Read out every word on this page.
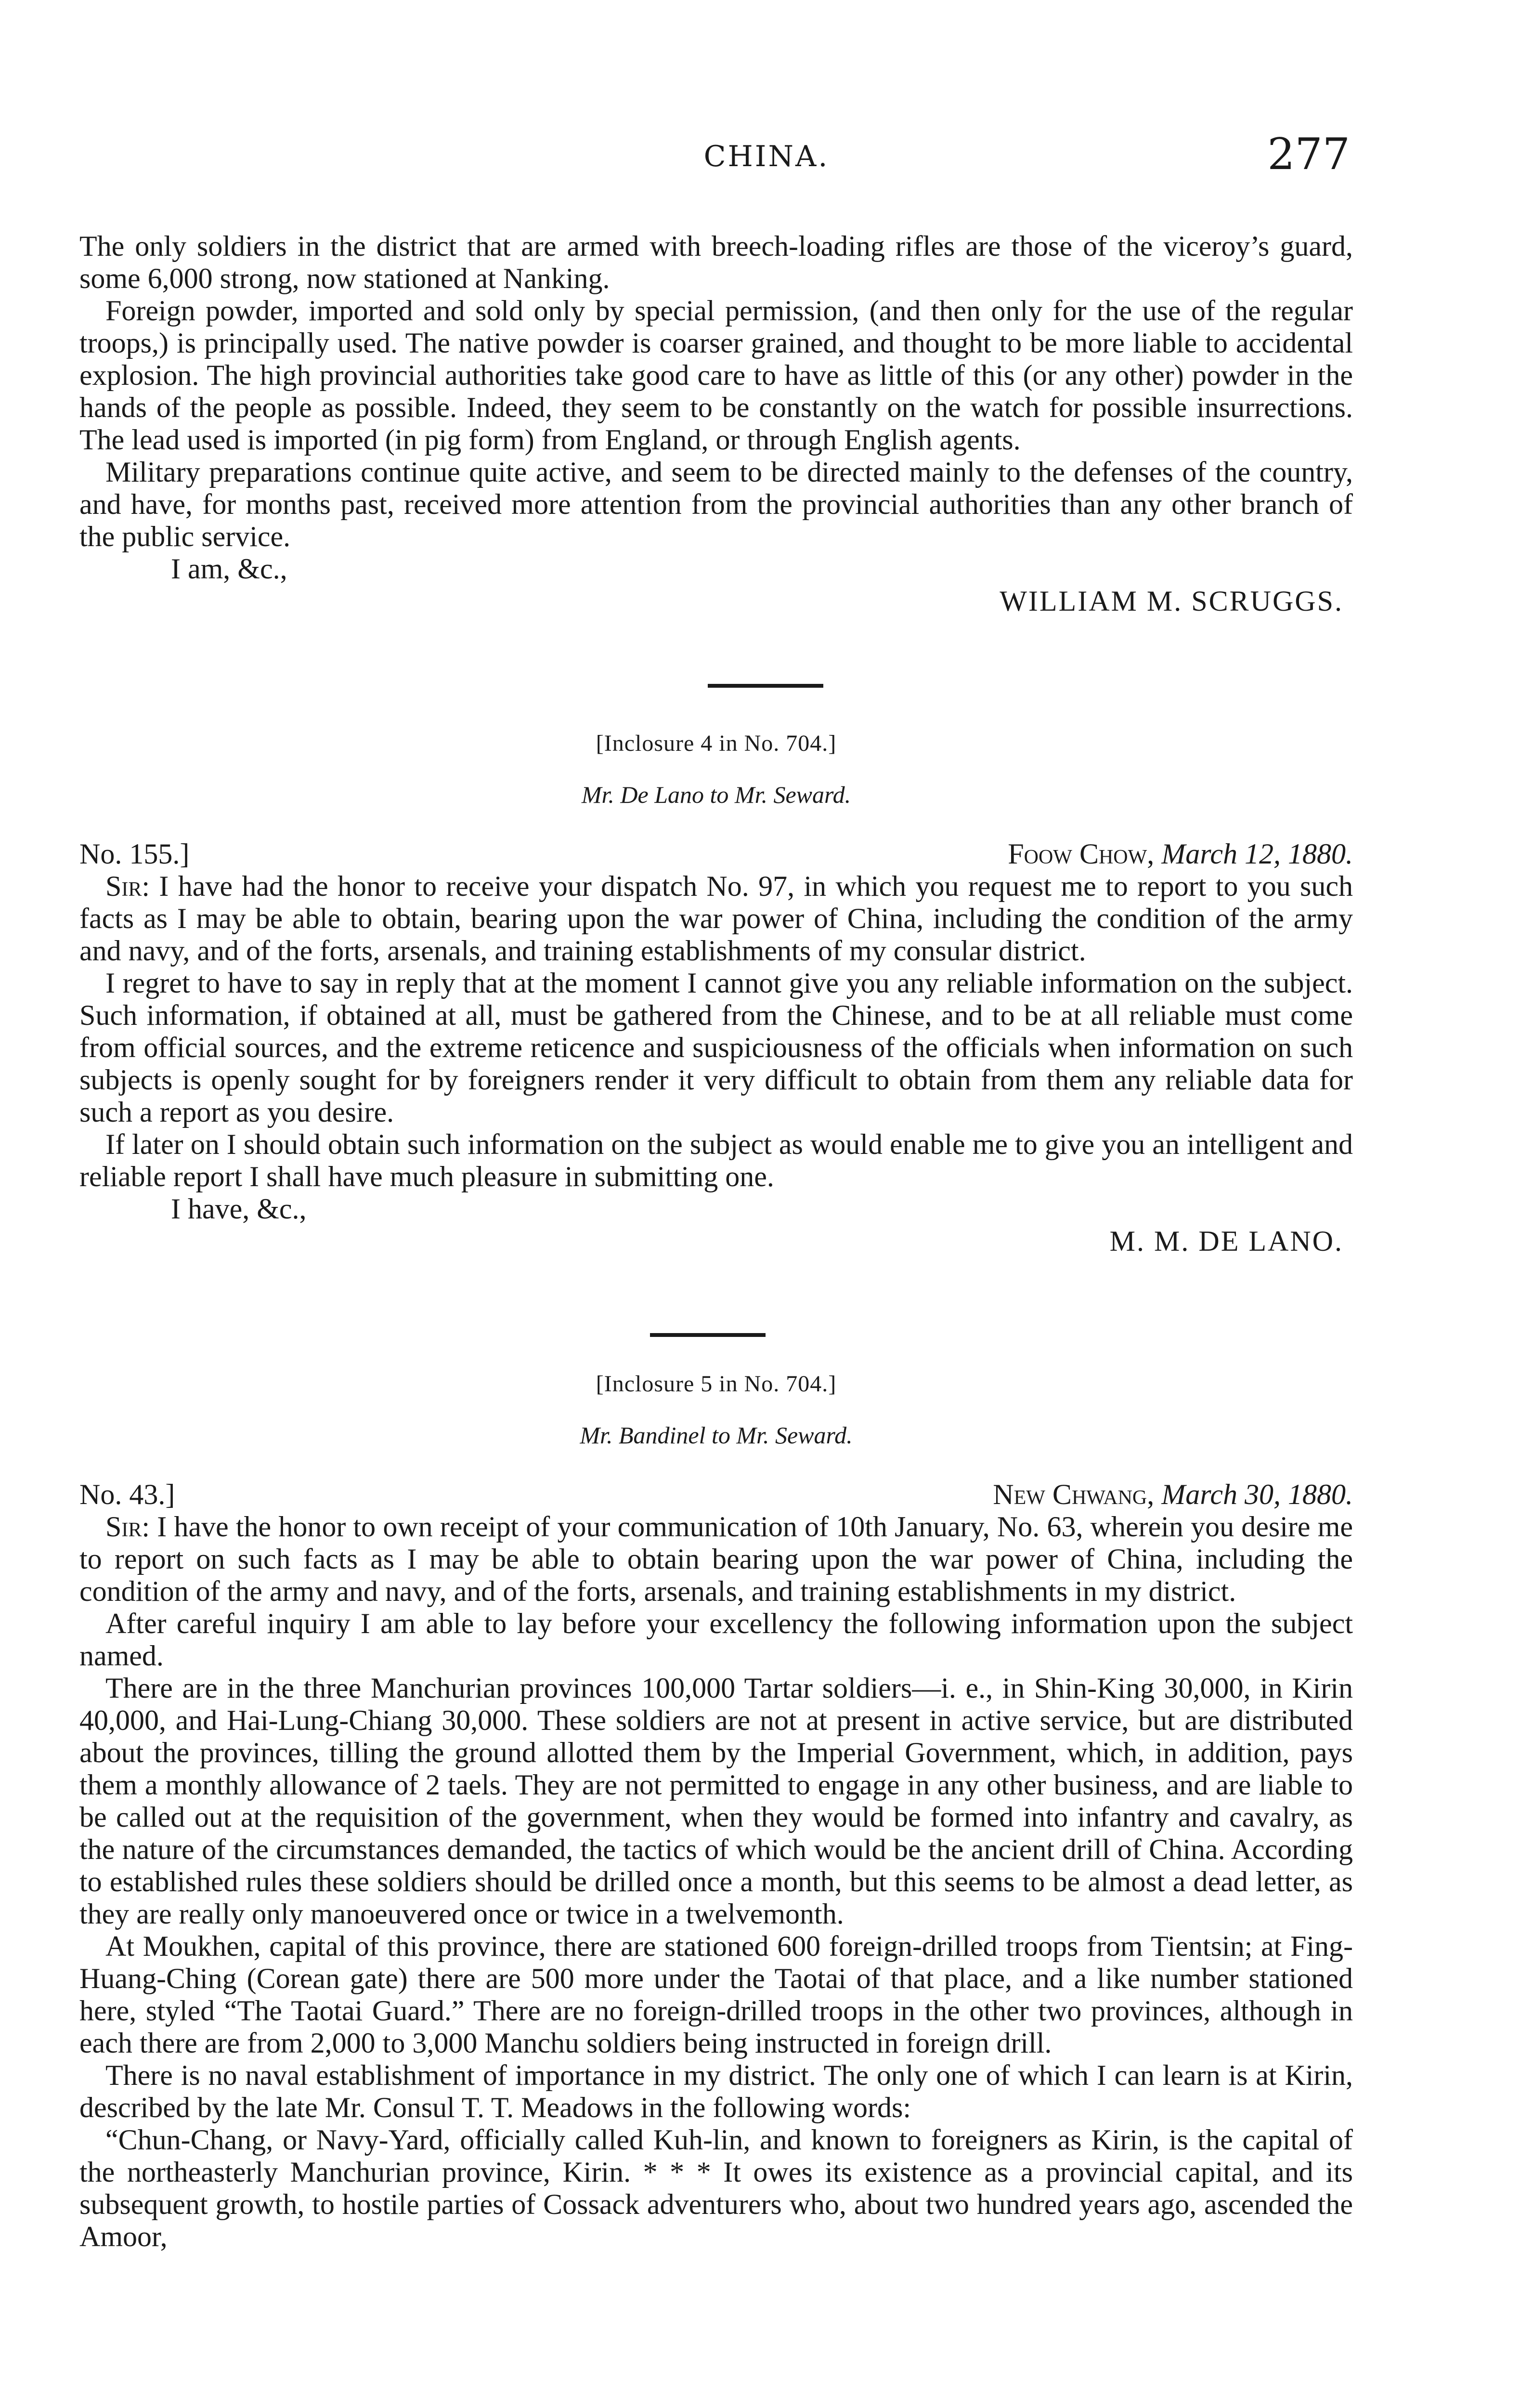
CHINA.	277

The only soldiers in the district that are armed with breech-loading rifles are those of the viceroy’s guard, some 6,000 strong, now stationed at Nanking.

Foreign powder, imported and sold only by special permission, (and then only for the use of the regular troops,) is principally used. The native powder is coarser grained, and thought to be more liable to accidental explosion. The high provincial authorities take good care to have as little of this (or any other) powder in the hands of the people as possible. Indeed, they seem to be constantly on the watch for possible insurrections. The lead used is imported (in pig form) from England, or through English agents.

Military preparations continue quite active, and seem to be directed mainly to the defenses of the country, and have, for months past, received more attention from the provincial authorities than any other branch of the public service.

I am, &c.,

WILLIAM M. SCRUGGS.

[Inclosure 4 in No. 704.]

Mr. De Lano to Mr. Seward.

No. 155.]	Foow Chow, March 12, 1880.

Sir: I have had the honor to receive your dispatch No. 97, in which you request me to report to you such facts as I may be able to obtain, bearing upon the war power of China, including the condition of the army and navy, and of the forts, arsenals, and training establishments of my consular district.

I regret to have to say in reply that at the moment I cannot give you any reliable information on the subject. Such information, if obtained at all, must be gathered from the Chinese, and to be at all reliable must come from official sources, and the extreme reticence and suspiciousness of the officials when information on such subjects is openly sought for by foreigners render it very difficult to obtain from them any reliable data for such a report as you desire.

If later on I should obtain such information on the subject as would enable me to give you an intelligent and reliable report I shall have much pleasure in submitting one.

I have, &c.,

M. M. DE LANO.

[Inclosure 5 in No. 704.]

Mr. Bandinel to Mr. Seward.

No. 43.]	New Chwang, March 30, 1880.

Sir: I have the honor to own receipt of your communication of 10th January, No. 63, wherein you desire me to report on such facts as I may be able to obtain bearing upon the war power of China, including the condition of the army and navy, and of the forts, arsenals, and training establishments in my district.

After careful inquiry I am able to lay before your excellency the following information upon the subject named.

There are in the three Manchurian provinces 100,000 Tartar soldiers—i. e., in Shin-King 30,000, in Kirin 40,000, and Hai-Lung-Chiang 30,000. These soldiers are not at present in active service, but are distributed about the provinces, tilling the ground allotted them by the Imperial Government, which, in addition, pays them a monthly allowance of 2 taels. They are not permitted to engage in any other business, and are liable to be called out at the requisition of the government, when they would be formed into infantry and cavalry, as the nature of the circumstances demanded, the tactics of which would be the ancient drill of China. According to established rules these soldiers should be drilled once a month, but this seems to be almost a dead letter, as they are really only manoeuvered once or twice in a twelvemonth.

At Moukhen, capital of this province, there are stationed 600 foreign-drilled troops from Tientsin; at Fing-Huang-Ching (Corean gate) there are 500 more under the Taotai of that place, and a like number stationed here, styled “The Taotai Guard.” There are no foreign-drilled troops in the other two provinces, although in each there are from 2,000 to 3,000 Manchu soldiers being instructed in foreign drill.

There is no naval establishment of importance in my district. The only one of which I can learn is at Kirin, described by the late Mr. Consul T. T. Meadows in the following words:

“Chun-Chang, or Navy-Yard, officially called Kuh-lin, and known to foreigners as Kirin, is the capital of the northeasterly Manchurian province, Kirin. * * * It owes its existence as a provincial capital, and its subsequent growth, to hostile parties of Cossack adventurers who, about two hundred years ago, ascended the Amoor,
